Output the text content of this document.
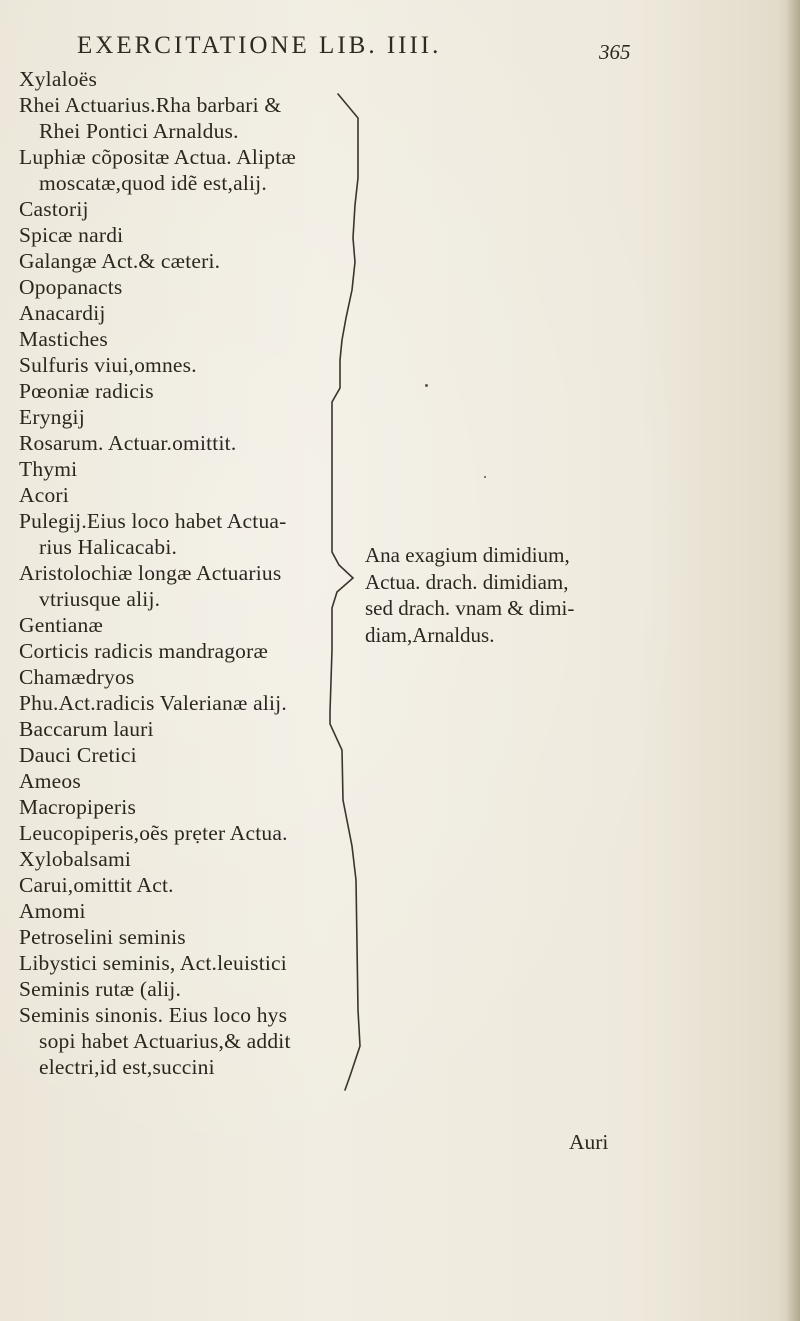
EXERCITATIONE LIB. IIII.	365
Xylaloës
Rhei Actuarius.Rha barbari &
Rhei Pontici Arnaldus.
Luphiæ cõpositæ Actua. Aliptæ
moscatæ,quod idẽ est,alij.
Castorij
Spicæ nardi
Galangæ Act.& cæteri.
Opopanacts
Anacardij
Mastiches
Sulfuris viui,omnes.
Pœoniæ radicis
Eryngij
Rosarum. Actuar.omittit.
Thymi
Acori
Pulegij.Eius loco habet Actua-
rius Halicacabi.
Aristolochiæ longæ Actuarius
vtriusque alij.
Gentianæ
Corticis radicis mandragoræ
Chamædryos
Phu.Act.radicis Valerianæ alij.
Baccarum lauri
Dauci Cretici
Ameos
Macropiperis
Leucopiperis,oẽs prẹter Actua.
Xylobalsami
Carui,omittit Act.
Amomi
Petroselini seminis
Libystici seminis, Act.leuistici
Seminis rutæ (alij.
Seminis sinonis. Eius loco hys
sopi habet Actuarius,& addit
electri,id est,succini
Ana exagium dimidium,
Actua. drach. dimidiam,
sed drach. vnam & dimi-
diam,Arnaldus.
Auri
